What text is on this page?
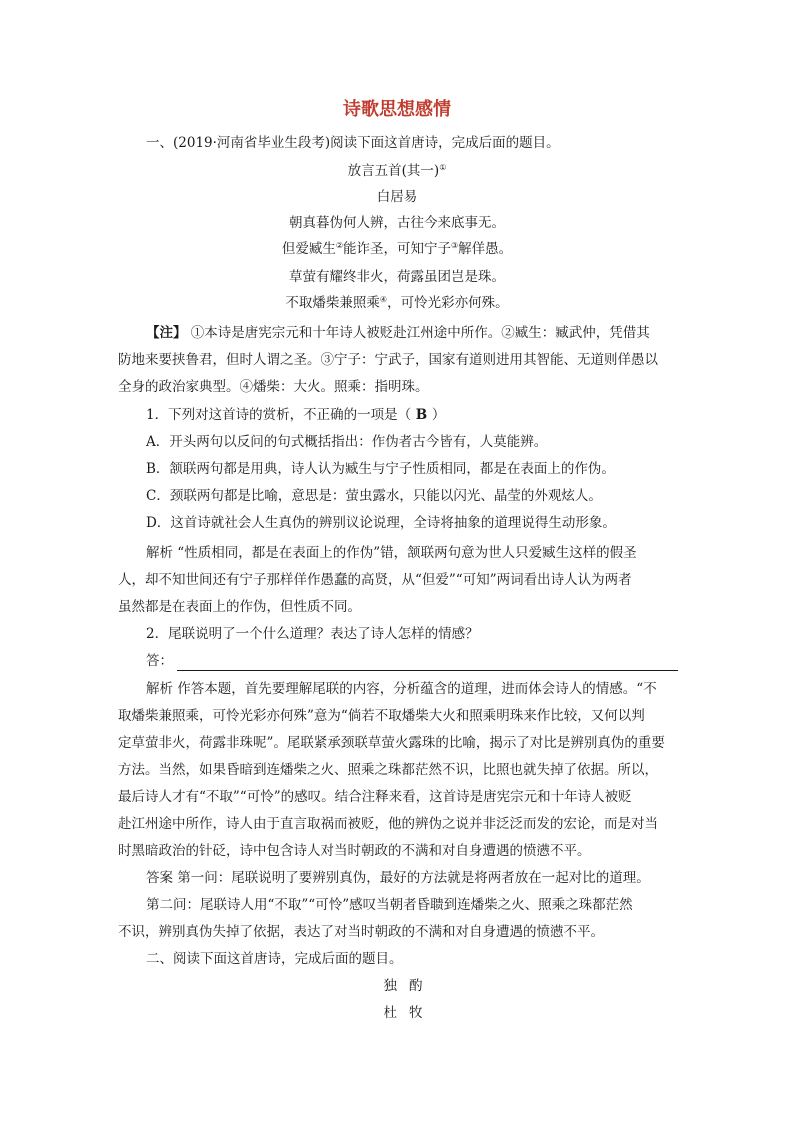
诗歌思想感情
一、(2019·河南省毕业生段考)阅读下面这首唐诗，完成后面的题目。
放言五首(其一)①
白居易
朝真暮伪何人辨，古往今来底事无。
但爱臧生②能诈圣，可知宁子③解佯愚。
草萤有耀终非火，荷露虽团岂是珠。
不取燔柴兼照乘④，可怜光彩亦何殊。
【注】 ①本诗是唐宪宗元和十年诗人被贬赴江州途中所作。②臧生：臧武仲，凭借其
防地来要挟鲁君，但时人谓之圣。③宁子：宁武子，国家有道则进用其智能、无道则佯愚以
全身的政治家典型。④燔柴：大火。照乘：指明珠。
1．下列对这首诗的赏析，不正确的一项是（ B ）
A．开头两句以反问的句式概括指出：作伪者古今皆有，人莫能辨。
B．颔联两句都是用典，诗人认为臧生与宁子性质相同，都是在表面上的作伪。
C．颈联两句都是比喻，意思是：萤虫露水，只能以闪光、晶莹的外观炫人。
D．这首诗就社会人生真伪的辨别议论说理，全诗将抽象的道理说得生动形象。
解析 “性质相同，都是在表面上的作伪”错，颔联两句意为世人只爱臧生这样的假圣
人，却不知世间还有宁子那样佯作愚蠢的高贤，从“但爱”“可知”两词看出诗人认为两者
虽然都是在表面上的作伪，但性质不同。
2．尾联说明了一个什么道理？表达了诗人怎样的情感？
答：
解析 作答本题，首先要理解尾联的内容，分析蕴含的道理，进而体会诗人的情感。“不
取燔柴兼照乘，可怜光彩亦何殊”意为“倘若不取燔柴大火和照乘明珠来作比较，又何以判
定草萤非火，荷露非珠呢”。尾联紧承颈联草萤火露珠的比喻，揭示了对比是辨别真伪的重要
方法。当然，如果昏暗到连燔柴之火、照乘之珠都茫然不识，比照也就失掉了依据。所以，
最后诗人才有“不取”“可怜”的感叹。结合注释来看，这首诗是唐宪宗元和十年诗人被贬
赴江州途中所作，诗人由于直言取祸而被贬，他的辨伪之说并非泛泛而发的宏论，而是对当
时黑暗政治的针砭，诗中包含诗人对当时朝政的不满和对自身遭遇的愤懑不平。
答案 第一问：尾联说明了要辨别真伪，最好的方法就是将两者放在一起对比的道理。
第二问：尾联诗人用“不取”“可怜”感叹当朝者昏聩到连燔柴之火、照乘之珠都茫然
不识，辨别真伪失掉了依据，表达了对当时朝政的不满和对自身遭遇的愤懑不平。
二、阅读下面这首唐诗，完成后面的题目。
独酌
杜牧
